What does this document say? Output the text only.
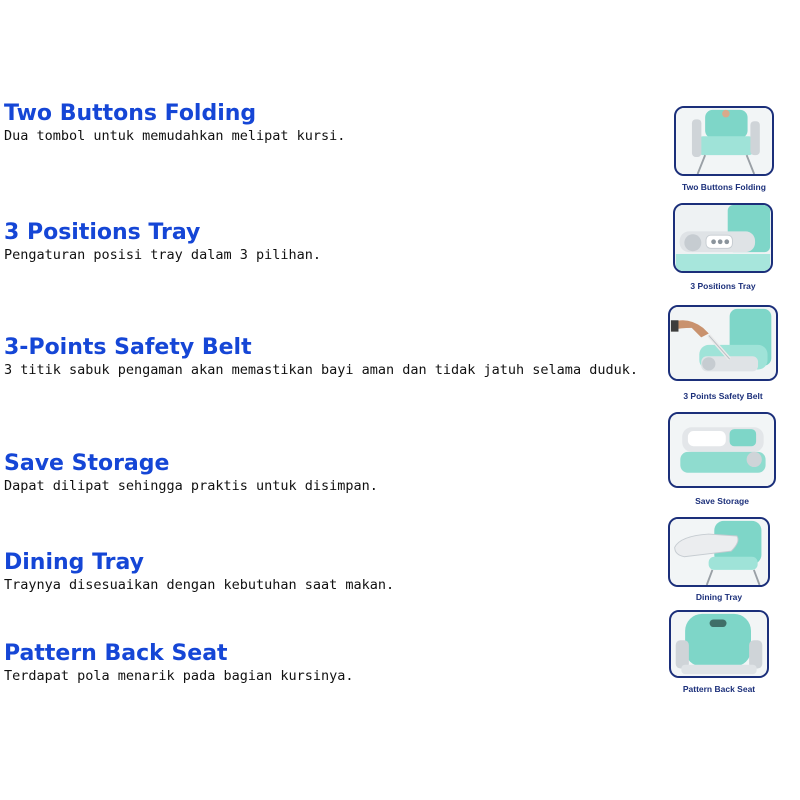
Two Buttons Folding
Dua tombol untuk memudahkan melipat kursi.
3 Positions Tray
Pengaturan posisi tray dalam 3 pilihan.
3-Points Safety Belt
3 titik sabuk pengaman akan memastikan bayi aman dan tidak jatuh selama duduk.
Save Storage
Dapat dilipat sehingga praktis untuk disimpan.
Dining Tray
Traynya disesuaikan dengan kebutuhan saat makan.
Pattern Back Seat
Terdapat pola menarik pada bagian kursinya.
Two Buttons Folding
3 Positions Tray
3 Points Safety Belt
Save Storage
Dining Tray
Pattern Back Seat
